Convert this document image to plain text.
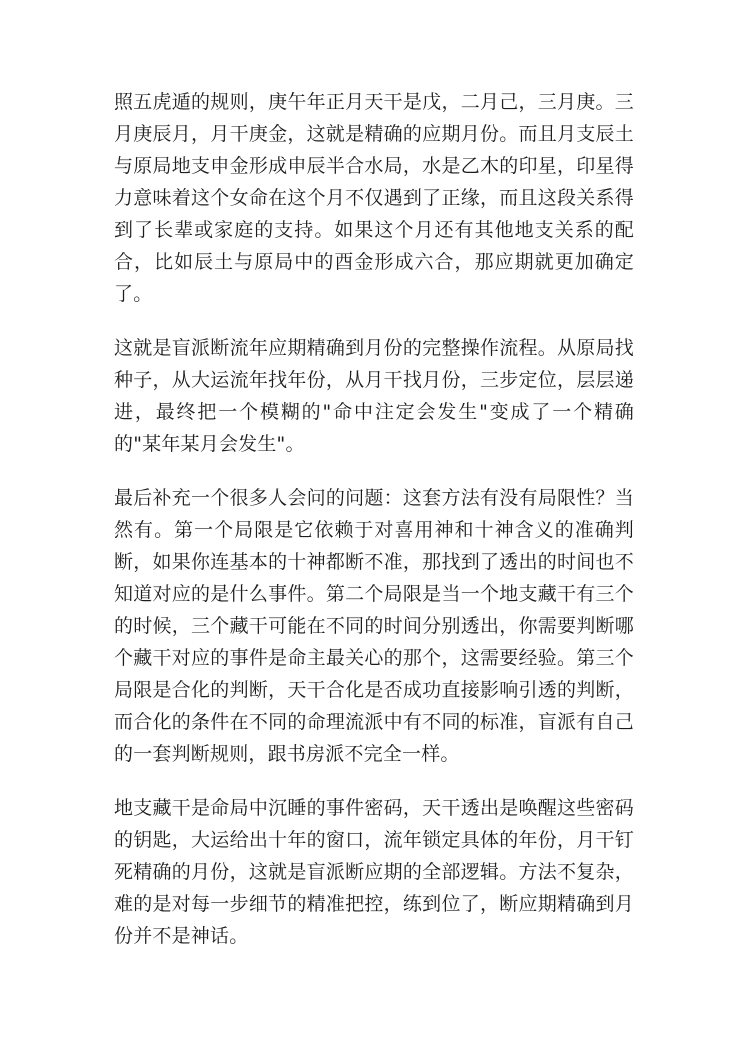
照五虎遁的规则，庚午年正月天干是戊，二月己，三月庚。三月庚辰月，月干庚金，这就是精确的应期月份。而且月支辰土与原局地支申金形成申辰半合水局，水是乙木的印星，印星得力意味着这个女命在这个月不仅遇到了正缘，而且这段关系得到了长辈或家庭的支持。如果这个月还有其他地支关系的配合，比如辰土与原局中的酉金形成六合，那应期就更加确定了。

这就是盲派断流年应期精确到月份的完整操作流程。从原局找种子，从大运流年找年份，从月干找月份，三步定位，层层递进，最终把一个模糊的"命中注定会发生"变成了一个精确的"某年某月会发生"。

最后补充一个很多人会问的问题：这套方法有没有局限性？当然有。第一个局限是它依赖于对喜用神和十神含义的准确判断，如果你连基本的十神都断不准，那找到了透出的时间也不知道对应的是什么事件。第二个局限是当一个地支藏干有三个的时候，三个藏干可能在不同的时间分别透出，你需要判断哪个藏干对应的事件是命主最关心的那个，这需要经验。第三个局限是合化的判断，天干合化是否成功直接影响引透的判断，而合化的条件在不同的命理流派中有不同的标准，盲派有自己的一套判断规则，跟书房派不完全一样。

地支藏干是命局中沉睡的事件密码，天干透出是唤醒这些密码的钥匙，大运给出十年的窗口，流年锁定具体的年份，月干钉死精确的月份，这就是盲派断应期的全部逻辑。方法不复杂，难的是对每一步细节的精准把控，练到位了，断应期精确到月份并不是神话。
